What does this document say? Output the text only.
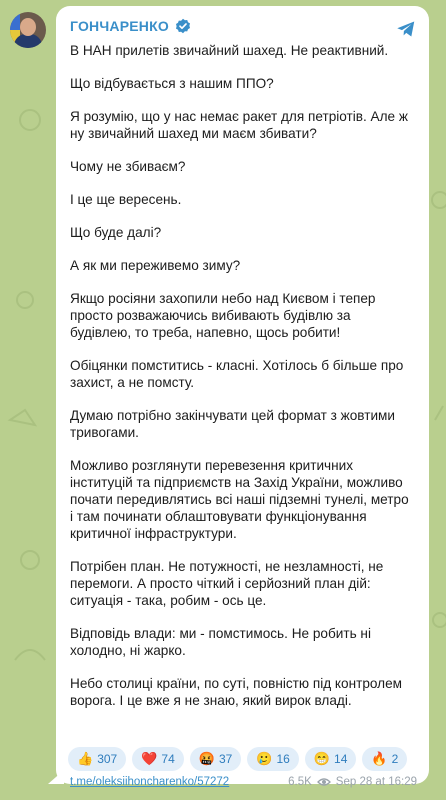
ГОНЧАРЕНКО

В НАН прилетів звичайний шахед. Не реактивний.

Що відбувається з нашим ППО?

Я розумію, що у нас немає ракет для петріотів. Але ж ну звичайний шахед ми маєм збивати?

Чому не збиваєм?

І це ще вересень.

Що буде далі?

А як ми переживемо зиму?

Якщо росіяни захопили небо над Києвом і тепер просто розважаючись вибивають будівлю за будівлею, то треба, напевно, щось робити!

Обіцянки помститись - класні. Хотілось б більше про захист, а не помсту.

Думаю потрібно закінчувати цей формат з жовтими тривогами.

Можливо розглянути перевезення критичних інституцій та підприємств на Захід України, можливо почати передивлятись всі наші підземні тунелі, метро і там починати облаштовувати функціонування критичної інфраструктури.

Потрібен план. Не потужності, не незламності, не перемоги. А просто чіткий і серйозний план дій: ситуація - така, робим - ось це.

Відповідь влади: ми - помстимось. Не робить ні холодно, ні жарко.

Небо столиці країни, по суті, повністю під контролем ворога. І це вже я не знаю, який вирок владі.

👍 307 ❤️ 74 🤬 37 🥲 16 😁 14 🔥 2
t.me/oleksiihoncharenko/57272	6.5K Sep 28 at 16:29
